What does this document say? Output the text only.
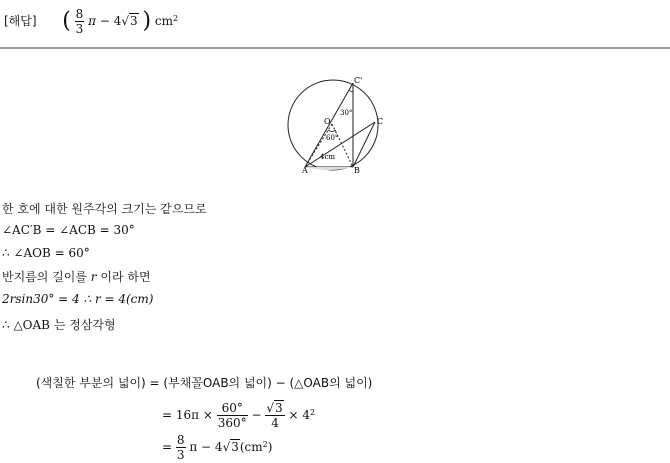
[해답] ( $\frac{8}{3}$ π − 4√3 ) $cm^2$
C'
30°
C
O
60°
4cm
A	B
한 호에 대한 원주각의 크기는 같으므로
∠AC′B = ∠ACB = 30°
∴ ∠AOB = 60°
반지름의 길이를 r 이라 하면
2rsin30° = 4 ∴ r = 4(cm)
∴ △OAB 는 정삼각형
(색칠한 부분의 넓이) = (부채꼴OAB의 넓이) − (△OAB의 넓이)
= $16\pi \times \frac{60^\circ}{360^\circ} - \frac{√3}{4} \times 4^2$
= $\frac{8}{3}$ $\pi - 4√3(cm^2)$
